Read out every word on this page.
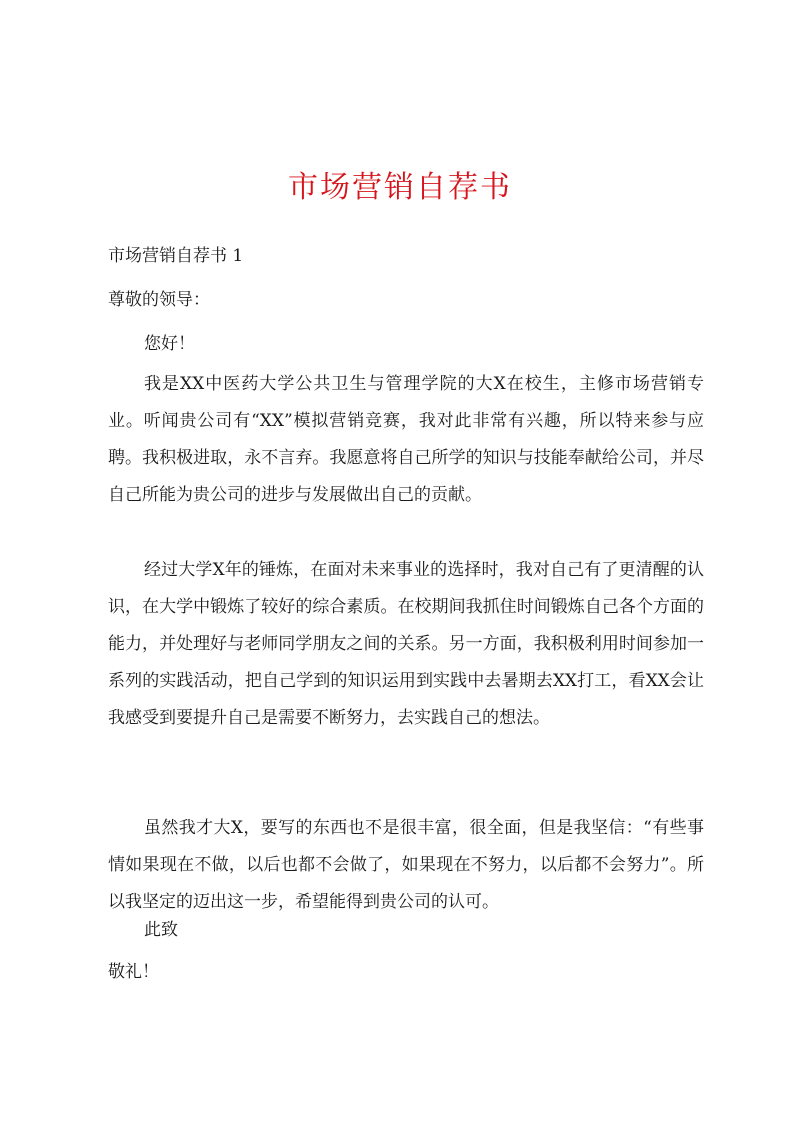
市场营销自荐书
市场营销自荐书 1
尊敬的领导：
您好！

我是XX中医药大学公共卫生与管理学院的大X在校生，主修市场营销专业。听闻贵公司有“XX”模拟营销竞赛，我对此非常有兴趣，所以特来参与应聘。我积极进取，永不言弃。我愿意将自己所学的知识与技能奉献给公司，并尽自己所能为贵公司的进步与发展做出自己的贡献。

经过大学X年的锤炼，在面对未来事业的选择时，我对自己有了更清醒的认识，在大学中锻炼了较好的综合素质。在校期间我抓住时间锻炼自己各个方面的能力，并处理好与老师同学朋友之间的关系。另一方面，我积极利用时间参加一系列的实践活动，把自己学到的知识运用到实践中去暑期去XX打工，看XX会让我感受到要提升自己是需要不断努力，去实践自己的想法。

虽然我才大X，要写的东西也不是很丰富，很全面，但是我坚信：“有些事情如果现在不做，以后也都不会做了，如果现在不努力，以后都不会努力”。所以我坚定的迈出这一步，希望能得到贵公司的认可。

此致
敬礼！
